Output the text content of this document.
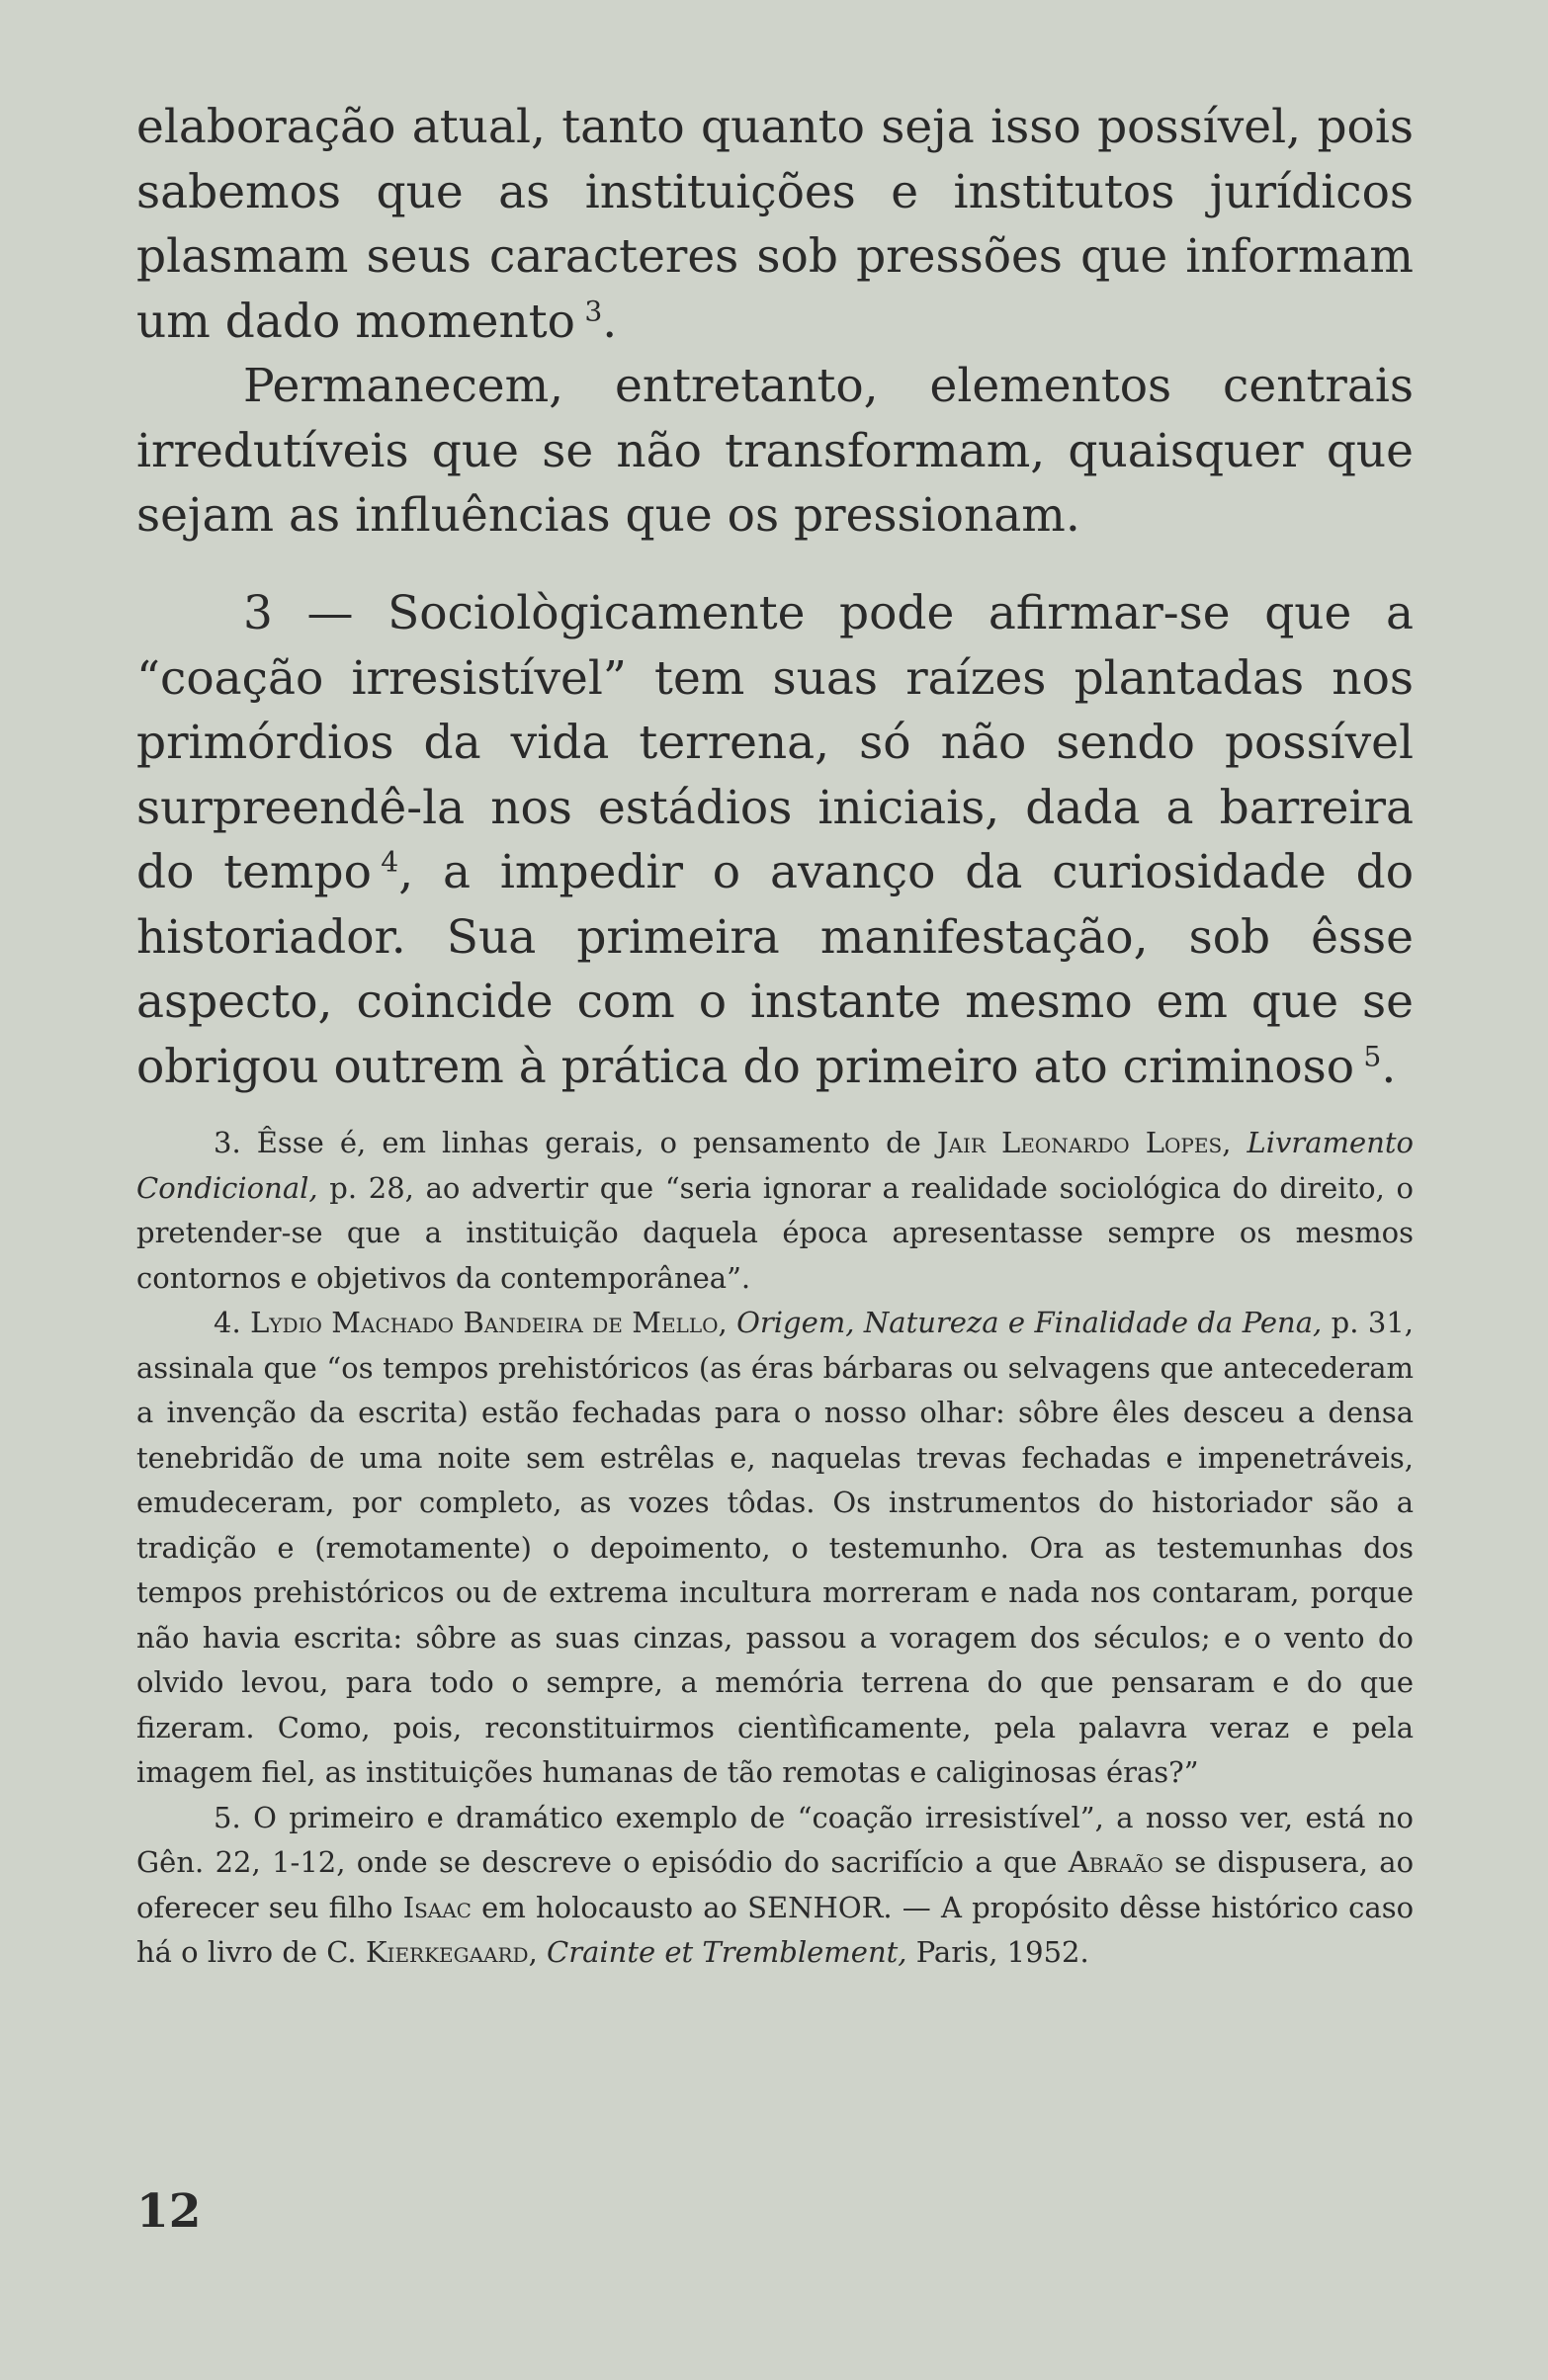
elaboração atual, tanto quanto seja isso possível, pois sabemos que as instituições e institutos jurídicos plasmam seus caracteres sob pressões que informam um dado momento  $^3$.

Permanecem, entretanto, elementos centrais irredutíveis que se não transformam, quaisquer que sejam as influências que os pressionam.

3 — Sociològicamente pode afirmar-se que a “coação irresistível” tem suas raízes plantadas nos primórdios da vida terrena, só não sendo possível surpreendê-la nos estádios iniciais, dada a barreira do tempo  $^4$, a impedir o avanço da curiosidade do historiador. Sua primeira manifestação, sob êsse aspecto, coincide com o instante mesmo em que se obrigou outrem à prática do primeiro ato criminoso  $^5$.

3. Êsse é, em linhas gerais, o pensamento de Jair Leonardo Lopes, Livramento Condicional, p. 28, ao advertir que “seria ignorar a realidade sociológica do direito, o pretender-se que a instituição daquela época apresentasse sempre os mesmos contornos e objetivos da contemporânea”.

4. Lydio Machado Bandeira de Mello, Origem, Natureza e Finalidade da Pena, p. 31, assinala que “os tempos prehistóricos (as éras bárbaras ou selvagens que antecederam a invenção da escrita) estão fechadas para o nosso olhar: sôbre êles desceu a densa tenebridão de uma noite sem estrêlas e, naquelas trevas fechadas e impenetráveis, emudeceram, por completo, as vozes tôdas. Os instrumentos do historiador são a tradição e (remotamente) o depoimento, o testemunho. Ora as testemunhas dos tempos prehistóricos ou de extrema incultura morreram e nada nos contaram, porque não havia escrita: sôbre as suas cinzas, passou a voragem dos séculos; e o vento do olvido levou, para todo o sempre, a memória terrena do que pensaram e do que fizeram. Como, pois, reconstituirmos cientìficamente, pela palavra veraz e pela imagem fiel, as instituições humanas de tão remotas e caliginosas éras?”

5. O primeiro e dramático exemplo de “coação irresistível”, a nosso ver, está no Gên. 22, 1-12, onde se descreve o episódio do sacrifício a que Abraão se dispusera, ao oferecer seu filho Isaac em holocausto ao SENHOR. — A propósito dêsse histórico caso há o livro de C. Kierkegaard, Crainte et Tremblement, Paris, 1952.

12
